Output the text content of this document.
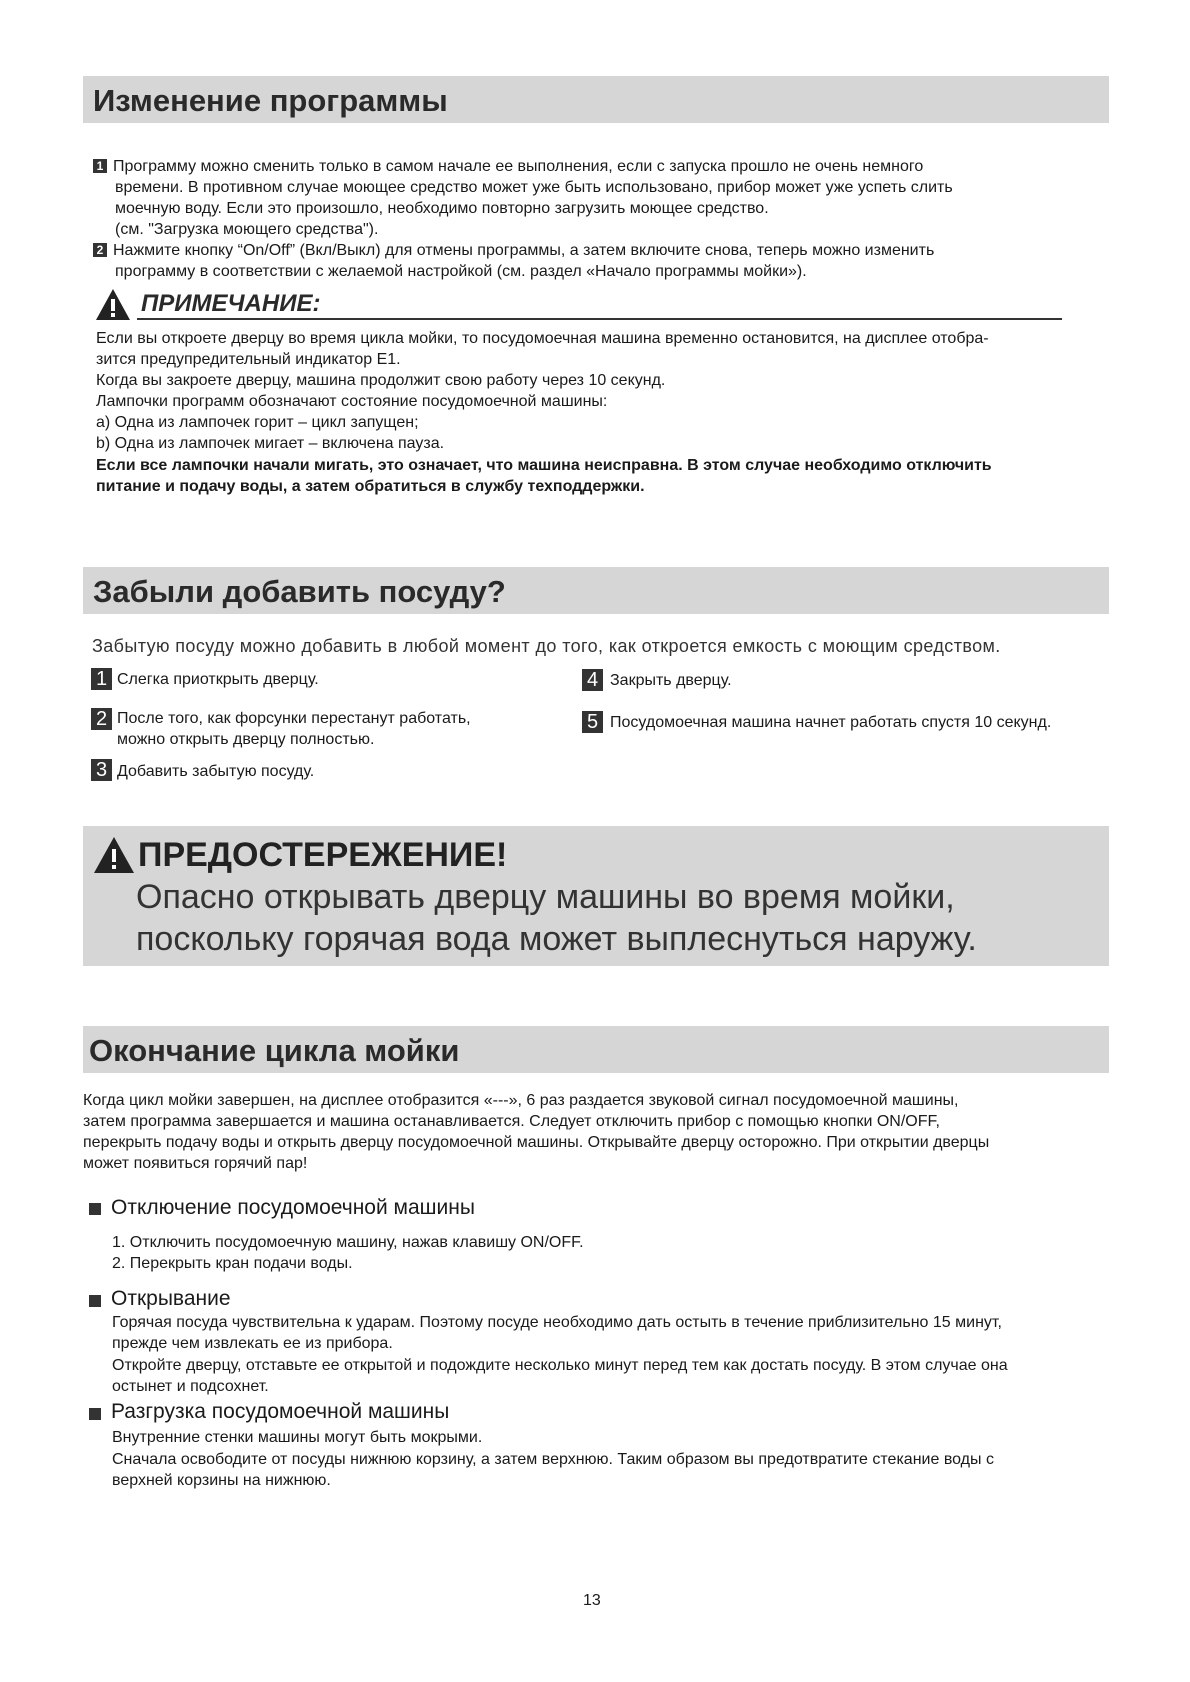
Изменение программы
1 Программу можно сменить только в самом начале ее выполнения, если с запуска прошло не очень немного
времени. В противном случае моющее средство может уже быть использовано, прибор может уже успеть слить
моечную воду. Если это произошло, необходимо повторно загрузить моющее средство.
(см. "Загрузка моющего средства").
2 Нажмите кнопку “On/Off” (Вкл/Выкл) для отмены программы, а затем включите снова, теперь можно изменить
программу в соответствии с желаемой настройкой (см. раздел «Начало программы мойки»).
ПРИМЕЧАНИЕ:
Если вы откроете дверцу во время цикла мойки, то посудомоечная машина временно остановится, на дисплее отобра-
зится предупредительный индикатор E1.
Когда вы закроете дверцу, машина продолжит свою работу через 10 секунд.
Лампочки программ обозначают состояние посудомоечной машины:
a) Одна из лампочек горит – цикл запущен;
b) Одна из лампочек мигает – включена пауза.
Если все лампочки начали мигать, это означает, что машина неисправна. В этом случае необходимо отключить
питание и подачу воды, а затем обратиться в службу техподдержки.
Забыли добавить посуду?
Забытую посуду можно добавить в любой момент до того, как откроется емкость с моющим средством.
1 Слегка приоткрыть дверцу.
2 После того, как форсунки перестанут работать,
можно открыть дверцу полностью.
3 Добавить забытую посуду.
4 Закрыть дверцу.
5 Посудомоечная машина начнет работать спустя 10 секунд.
ПРЕДОСТЕРЕЖЕНИЕ!
Опасно открывать дверцу машины во время мойки,
поскольку горячая вода может выплеснуться наружу.
Окончание цикла мойки
Когда цикл мойки завершен, на дисплее отобразится «---», 6 раз раздается звуковой сигнал посудомоечной машины,
затем программа завершается и машина останавливается. Следует отключить прибор с помощью кнопки ON/OFF,
перекрыть подачу воды и открыть дверцу посудомоечной машины. Открывайте дверцу осторожно. При открытии дверцы
может появиться горячий пар!
Отключение посудомоечной машины
1. Отключить посудомоечную машину, нажав клавишу ON/OFF.
2. Перекрыть кран подачи воды.
Открывание
Горячая посуда чувствительна к ударам. Поэтому посуде необходимо дать остыть в течение приблизительно 15 минут,
прежде чем извлекать ее из прибора.
Откройте дверцу, отставьте ее открытой и подождите несколько минут перед тем как достать посуду. В этом случае она
остынет и подсохнет.
Разгрузка посудомоечной машины
Внутренние стенки машины могут быть мокрыми.
Сначала освободите от посуды нижнюю корзину, а затем верхнюю. Таким образом вы предотвратите стекание воды с
верхней корзины на нижнюю.
13
